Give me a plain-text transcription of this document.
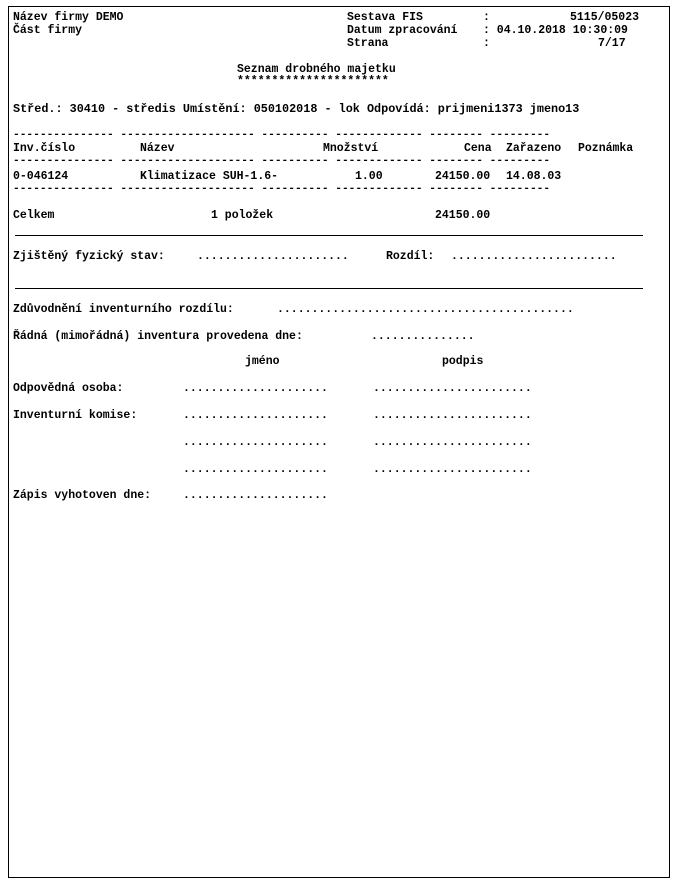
Název firmy DEMO
Část firmy
Sestava FIS	:	5115/05023
Datum zpracování : 04.10.2018 10:30:09
Strana	:	7/17
Seznam drobného majetku
**********************
Střed.: 30410 - středis Umístění: 050102018 - lok Odpovídá: prijmeni1373 jmeno13
--------------- -------------------- ---------- ------------- -------- ---------
Inv.číslo	Název	Množství	Cena Zařazeno Poznámka
--------------- -------------------- ---------- ------------- -------- ---------
0-046124	Klimatizace SUH-1.6-	1.00	24150.00 14.08.03
--------------- -------------------- ---------- ------------- -------- ---------
Celkem	1 položek	24150.00
Zjištěný fyzický stav:	......................	Rozdíl: ........................
Zdůvodnění inventurního rozdílu:	...........................................
Řádná (mimořádná) inventura provedena dne:	...............
jméno	podpis
Odpovědná osoba:	.....................	.......................
Inventurní komise:	.....................	.......................
.....................	.......................
.....................	.......................
Zápis vyhotoven dne:	.....................
